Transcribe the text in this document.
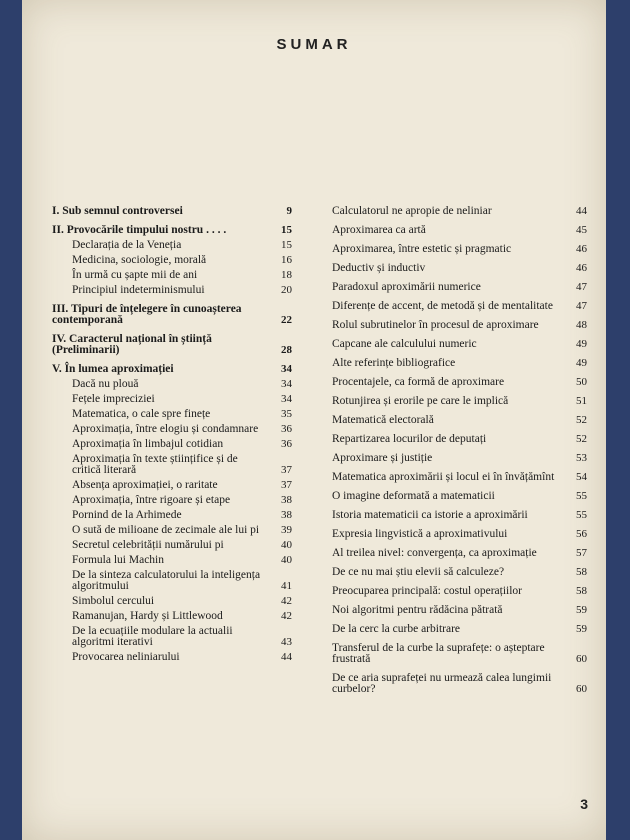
SUMAR
I. Sub semnul controversei	9
II. Provocările timpului nostru . . . .	15
Declarația de la Veneția	15
Medicina, sociologie, morală	16
În urmă cu șapte mii de ani	18
Principiul indeterminismului	20
III. Tipuri de înțelegere în cunoașterea contemporană	22
IV. Caracterul național în știință (Preliminarii)	28
V. În lumea aproximației	34
Dacă nu plouă	34
Fețele impreciziei	34
Matematica, o cale spre finețe	35
Aproximația, între elogiu și condamnare 36
Aproximația în limbajul cotidian	36
Aproximația în texte științifice și de critică literară	37
Absența aproximației, o raritate	37
Aproximația, între rigoare și etape	38
Pornind de la Arhimede	38
O sută de milioane de zecimale ale lui pi 39
Secretul celebrității numărului pi	40
Formula lui Machin	40
De la sinteza calculatorului la inteligența algoritmului	41
Simbolul cercului	42
Ramanujan, Hardy și Littlewood	42
De la ecuațiile modulare la actualii algoritmi iterativi	43
Provocarea neliniarului	44
Calculatorul ne apropie de neliniar	44
Aproximarea ca artă	45
Aproximarea, între estetic și pragmatic	46
Deductiv și inductiv	46
Paradoxul aproximării numerice	47
Diferențe de accent, de metodă și de mentalitate 47
Rolul subrutinelor în procesul de aproximare	48
Capcane ale calculului numeric	49
Alte referințe bibliografice	49
Procentajele, ca formă de aproximare	50
Rotunjirea și erorile pe care le implică	51
Matematică electorală	52
Repartizarea locurilor de deputați	52
Aproximare și justiție	53
Matematica aproximării și locul ei în învățămînt 54
O imagine deformată a matematicii	55
Istoria matematicii ca istorie a aproximării	55
Expresia lingvistică a aproximativului	56
Al treilea nivel: convergența, ca aproximație	57
De ce nu mai știu elevii să calculeze?	58
Preocuparea principală: costul operațiilor	58
Noi algoritmi pentru rădăcina pătrată	59
De la cerc la curbe arbitrare	59
Transferul de la curbe la suprafețe: o așteptare frustrată	60
De ce aria suprafeței nu urmează calea lungimii curbelor?	60
3
